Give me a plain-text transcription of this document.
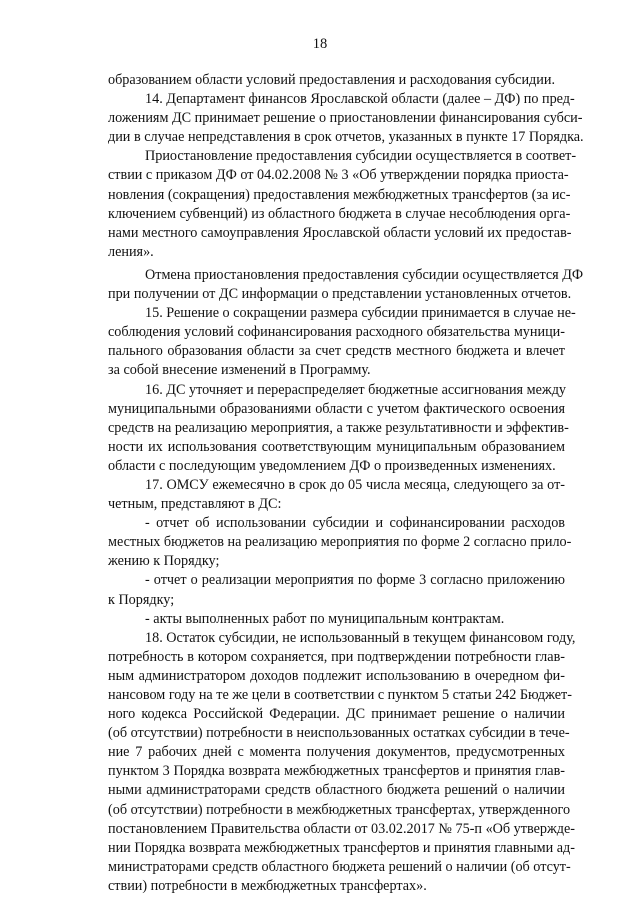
18
образованием области условий предоставления и расходования субсидии.
14. Департамент финансов Ярославской области (далее – ДФ) по пред-
ложениям ДС принимает решение о приостановлении финансирования субси-
дии в случае непредставления в срок отчетов, указанных в пункте 17 Порядка.
Приостановление предоставления субсидии осуществляется в соответ-
ствии с приказом ДФ от 04.02.2008 № 3 «Об утверждении порядка приоста-
новления (сокращения) предоставления межбюджетных трансфертов (за ис-
ключением субвенций) из областного бюджета в случае несоблюдения орга-
нами местного самоуправления Ярославской области условий их предостав-
ления».
Отмена приостановления предоставления субсидии осуществляется ДФ
при получении от ДС информации о представлении установленных отчетов.
15. Решение о сокращении размера субсидии принимается в случае не-
соблюдения условий софинансирования расходного обязательства муници-
пального образования области за счет средств местного бюджета и влечет
за собой внесение изменений в Программу.
16. ДС уточняет и перераспределяет бюджетные ассигнования между
муниципальными образованиями области с учетом фактического освоения
средств на реализацию мероприятия, а также результативности и эффектив-
ности их использования соответствующим муниципальным образованием
области с последующим уведомлением ДФ о произведенных изменениях.
17. ОМСУ ежемесячно в срок до 05 числа месяца, следующего за от-
четным, представляют в ДС:
- отчет об использовании субсидии и софинансировании расходов
местных бюджетов на реализацию мероприятия по форме 2 согласно прило-
жению к Порядку;
- отчет о реализации мероприятия по форме 3 согласно приложению
к Порядку;
- акты выполненных работ по муниципальным контрактам.
18. Остаток субсидии, не использованный в текущем финансовом году,
потребность в котором сохраняется, при подтверждении потребности глав-
ным администратором доходов подлежит использованию в очередном фи-
нансовом году на те же цели в соответствии с пунктом 5 статьи 242 Бюджет-
ного кодекса Российской Федерации. ДС принимает решение о наличии
(об отсутствии) потребности в неиспользованных остатках субсидии в тече-
ние 7 рабочих дней с момента получения документов, предусмотренных
пунктом 3 Порядка возврата межбюджетных трансфертов и принятия глав-
ными администраторами средств областного бюджета решений о наличии
(об отсутствии) потребности в межбюджетных трансфертах, утвержденного
постановлением Правительства области от 03.02.2017 № 75-п «Об утвержде-
нии Порядка возврата межбюджетных трансфертов и принятия главными ад-
министраторами средств областного бюджета решений о наличии (об отсут-
ствии) потребности в межбюджетных трансфертах».
